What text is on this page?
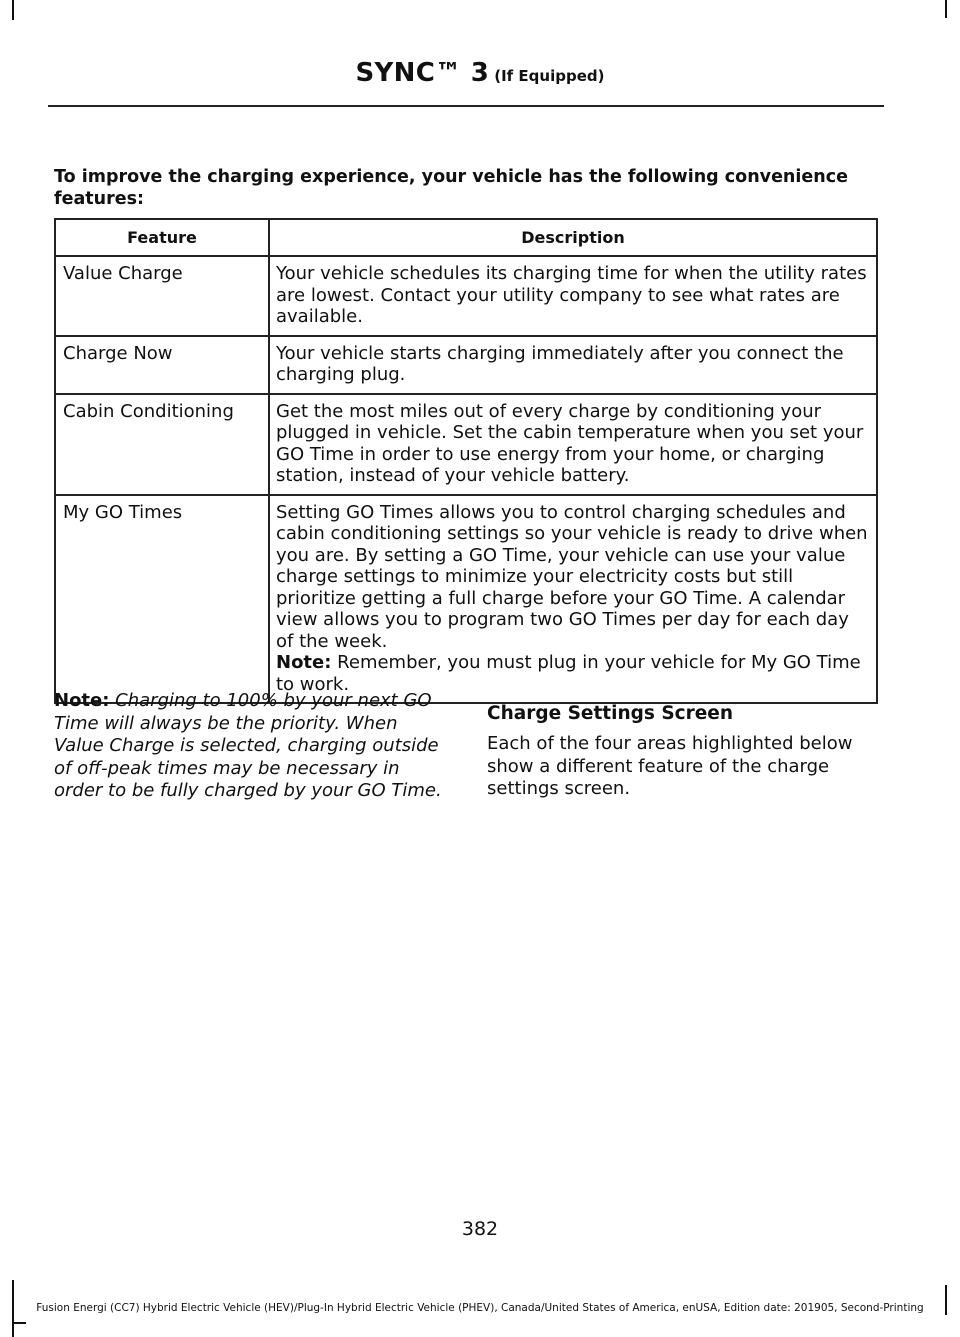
SYNC™ 3 (If Equipped)
To improve the charging experience, your vehicle has the following convenience features:
Feature	Description
Value Charge	Your vehicle schedules its charging time for when the utility rates are lowest. Contact your utility company to see what rates are available.
Charge Now	Your vehicle starts charging immediately after you connect the charging plug.
Cabin Conditioning	Get the most miles out of every charge by conditioning your plugged in vehicle. Set the cabin temperature when you set your GO Time in order to use energy from your home, or charging station, instead of your vehicle battery.
My GO Times	Setting GO Times allows you to control charging schedules and cabin conditioning settings so your vehicle is ready to drive when you are. By setting a GO Time, your vehicle can use your value charge settings to minimize your electricity costs but still prioritize getting a full charge before your GO Time. A calendar view allows you to program two GO Times per day for each day of the week.
Note: Remember, you must plug in your vehicle for My GO Time to work.
Note: Charging to 100% by your next GO Time will always be the priority. When Value Charge is selected, charging outside of off-peak times may be necessary in order to be fully charged by your GO Time.
Charge Settings Screen

Each of the four areas highlighted below show a different feature of the charge settings screen.

382
Fusion Energi (CC7) Hybrid Electric Vehicle (HEV)/Plug-In Hybrid Electric Vehicle (PHEV), Canada/United States of America, enUSA, Edition date: 201905, Second-Printing
